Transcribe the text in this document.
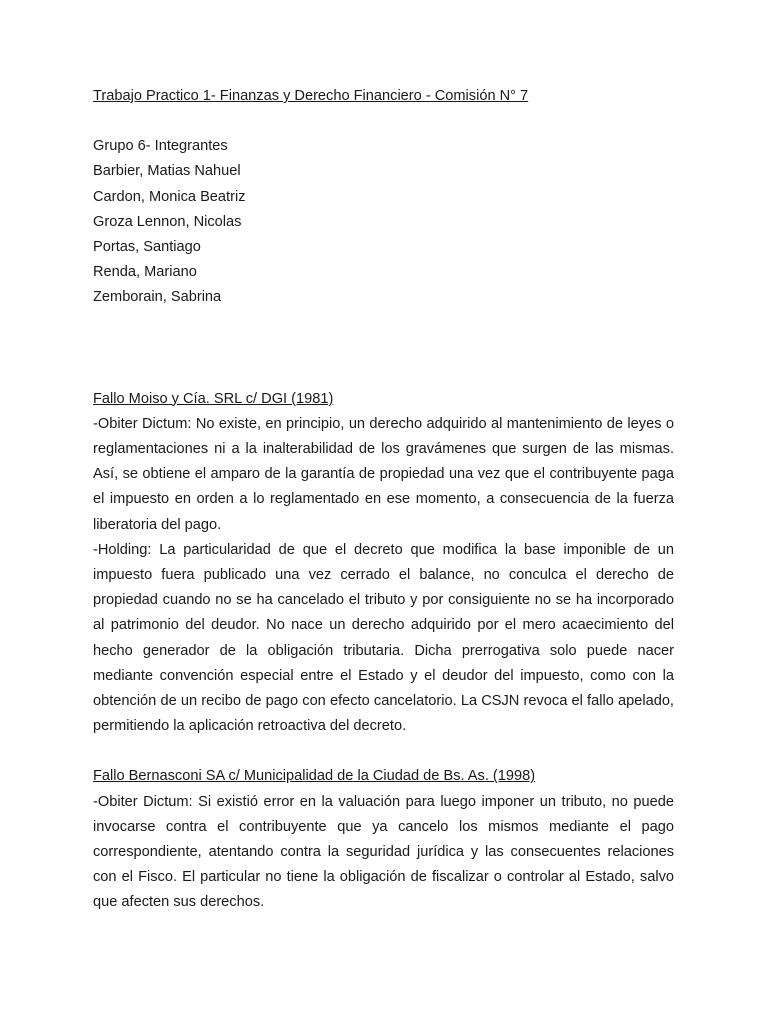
Trabajo Practico 1- Finanzas y Derecho Financiero - Comisión N° 7

Grupo 6- Integrantes

Barbier, Matias Nahuel

Cardon, Monica Beatriz

Groza Lennon, Nicolas

Portas, Santiago

Renda, Mariano

Zemborain, Sabrina

Fallo Moiso y Cía. SRL c/ DGI (1981)

-Obiter Dictum: No existe, en principio, un derecho adquirido al mantenimiento de leyes o reglamentaciones ni a la inalterabilidad de los gravámenes que surgen de las mismas. Así, se obtiene el amparo de la garantía de propiedad una vez que el contribuyente paga el impuesto en orden a lo reglamentado en ese momento, a consecuencia de la fuerza liberatoria del pago.

-Holding: La particularidad de que el decreto que modifica la base imponible de un impuesto fuera publicado una vez cerrado el balance, no conculca el derecho de propiedad cuando no se ha cancelado el tributo y por consiguiente no se ha incorporado al patrimonio del deudor. No nace un derecho adquirido por el mero acaecimiento del hecho generador de la obligación tributaria. Dicha prerrogativa solo puede nacer mediante convención especial entre el Estado y el deudor del impuesto, como con la obtención de un recibo de pago con efecto cancelatorio. La CSJN revoca el fallo apelado, permitiendo la aplicación retroactiva del decreto.

Fallo Bernasconi SA c/ Municipalidad de la Ciudad de Bs. As. (1998)

-Obiter Dictum: Si existió error en la valuación para luego imponer un tributo, no puede invocarse contra el contribuyente que ya cancelo los mismos mediante el pago correspondiente, atentando contra la seguridad jurídica y las consecuentes relaciones con el Fisco. El particular no tiene la obligación de fiscalizar o controlar al Estado, salvo que afecten sus derechos.
